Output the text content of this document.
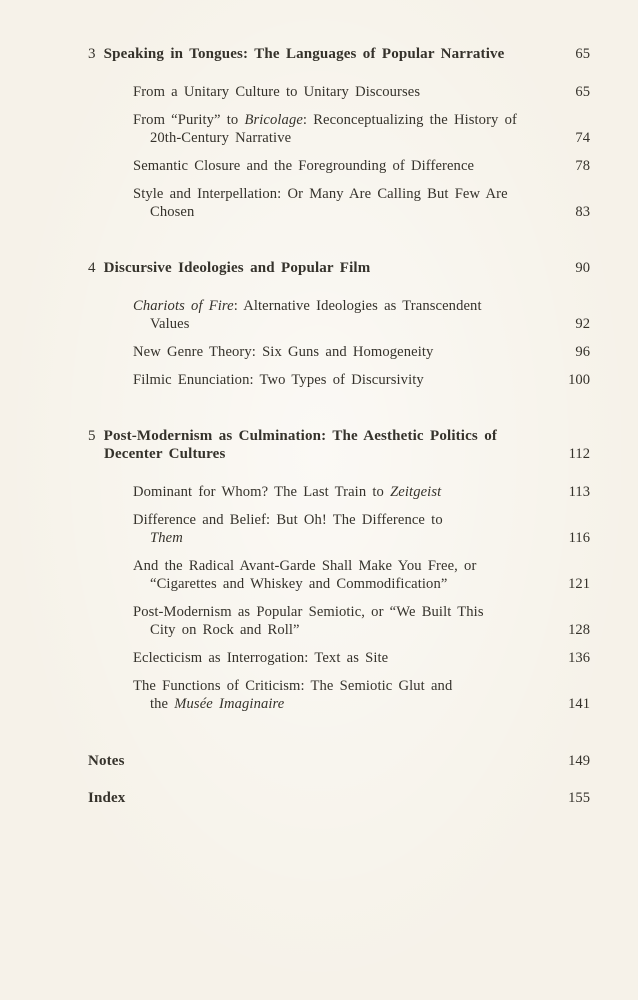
3 Speaking in Tongues: The Languages of Popular Narrative	65
From a Unitary Culture to Unitary Discourses	65
From “Purity” to Bricolage: Reconceptualizing the History of
20th-Century Narrative	74
Semantic Closure and the Foregrounding of Difference	78
Style and Interpellation: Or Many Are Calling But Few Are
Chosen	83
4 Discursive Ideologies and Popular Film	90
Chariots of Fire: Alternative Ideologies as Transcendent
Values	92
New Genre Theory: Six Guns and Homogeneity	96
Filmic Enunciation: Two Types of Discursivity	100
5 Post-Modernism as Culmination: The Aesthetic Politics of
Decenter Cultures	112
Dominant for Whom? The Last Train to Zeitgeist	113
Difference and Belief: But Oh! The Difference to
Them	116
And the Radical Avant-Garde Shall Make You Free, or
“Cigarettes and Whiskey and Commodification”	121
Post-Modernism as Popular Semiotic, or “We Built This
City on Rock and Roll”	128
Eclecticism as Interrogation: Text as Site	136
The Functions of Criticism: The Semiotic Glut and
the Musée Imaginaire	141
Notes	149
Index	155
